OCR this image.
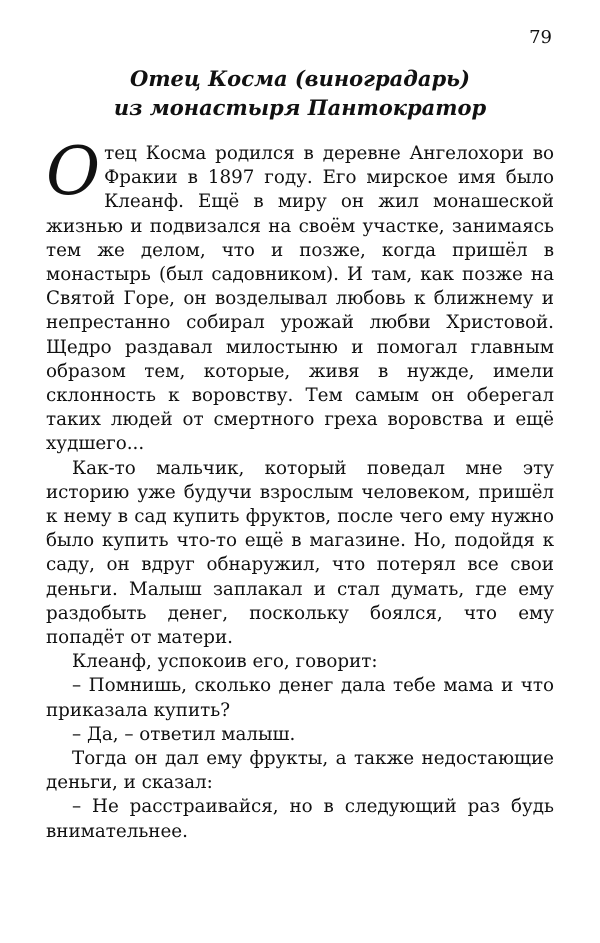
79
Отец Косма (виноградарь)
из монастыря Пантократор

Отец Косма родился в деревне Ангелохори во Фракии в 1897 году. Его мирское имя было Клеанф. Ещё в миру он жил монашеской жизнью и подвизался на своём участке, занимаясь тем же делом, что и позже, когда пришёл в монастырь (был садовником). И там, как позже на Святой Горе, он возделывал любовь к ближнему и непрестанно собирал урожай любви Христовой. Щедро раздавал милостыню и помогал главным образом тем, которые, живя в нужде, имели склонность к воровству. Тем самым он оберегал таких людей от смертного греха воровства и ещё худшего...

Как-то мальчик, который поведал мне эту историю уже будучи взрослым человеком, пришёл к нему в сад купить фруктов, после чего ему нужно было купить что-то ещё в магазине. Но, подойдя к саду, он вдруг обнаружил, что потерял все свои деньги. Малыш заплакал и стал думать, где ему раздобыть денег, поскольку боялся, что ему попадёт от матери.

Клеанф, успокоив его, говорит:

– Помнишь, сколько денег дала тебе мама и что приказала купить?

– Да, – ответил малыш.

Тогда он дал ему фрукты, а также недостающие деньги, и сказал:

– Не расстраивайся, но в следующий раз будь внимательнее.
